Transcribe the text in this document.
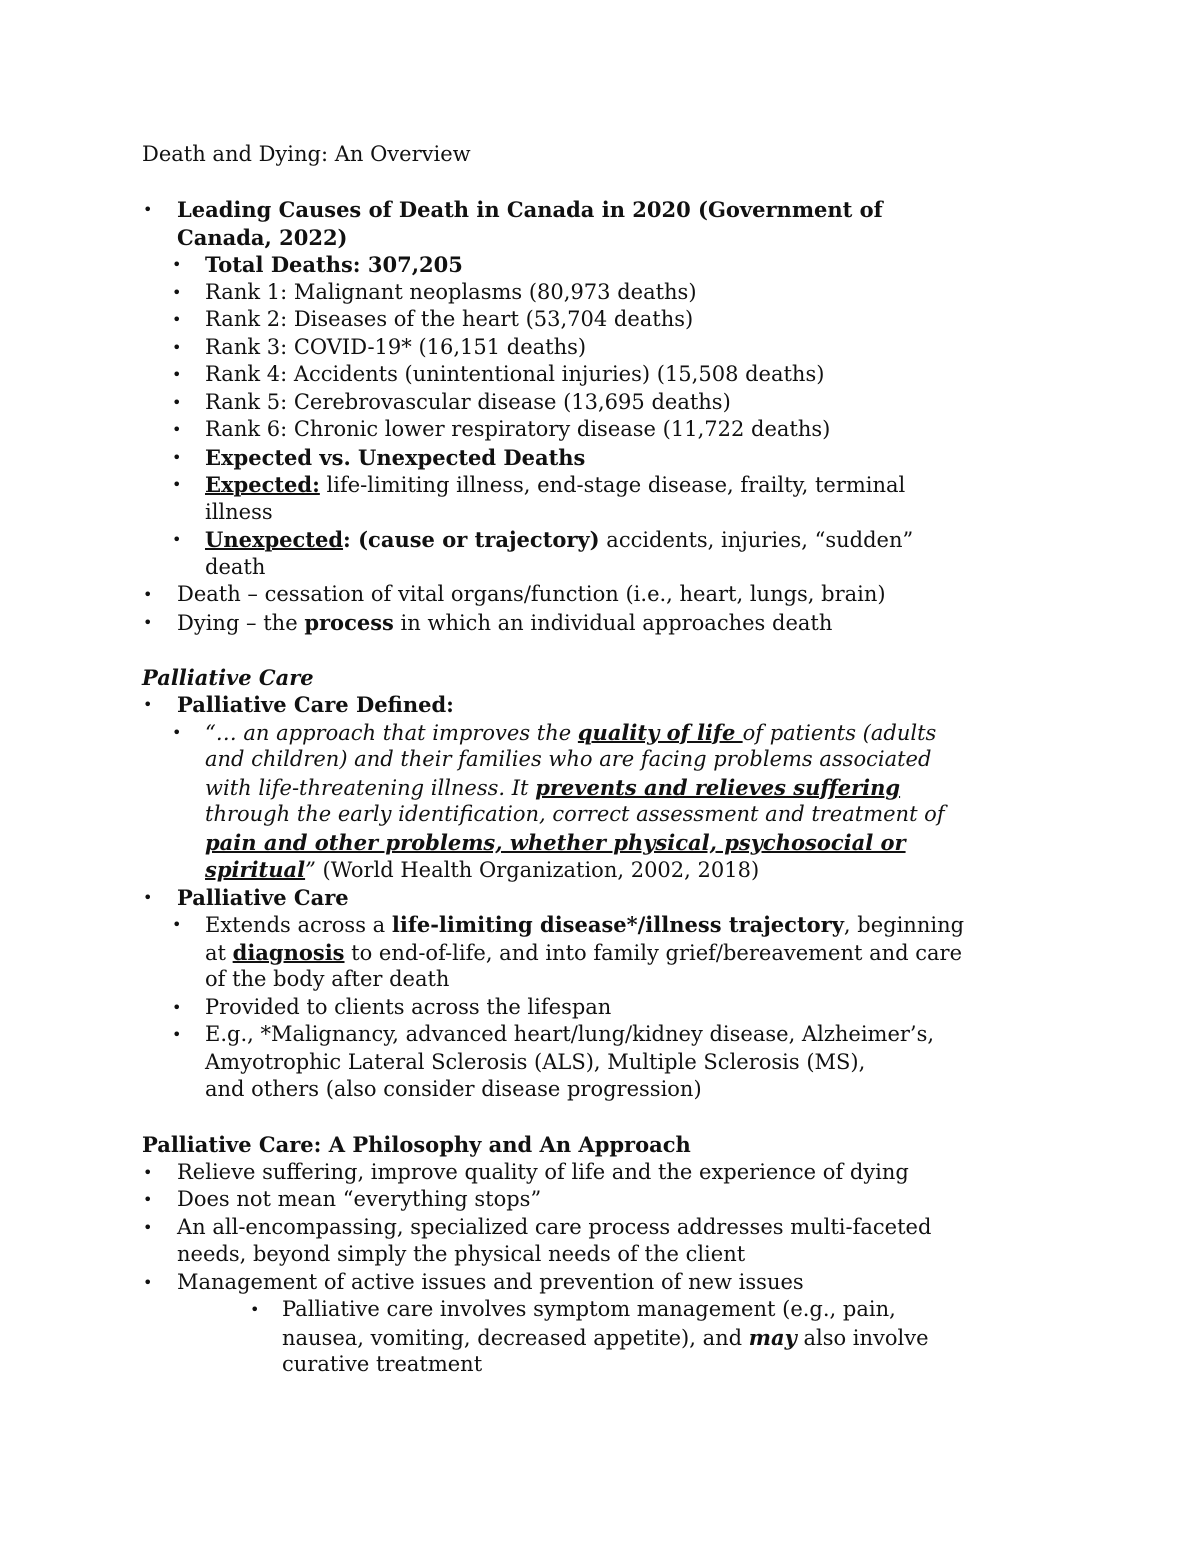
Death and Dying: An Overview
• Leading Causes of Death in Canada in 2020 (Government of
Canada, 2022)
• Total Deaths: 307,205
• Rank 1: Malignant neoplasms (80,973 deaths)
• Rank 2: Diseases of the heart (53,704 deaths)
• Rank 3: COVID-19* (16,151 deaths)
• Rank 4: Accidents (unintentional injuries) (15,508 deaths)
• Rank 5: Cerebrovascular disease (13,695 deaths)
• Rank 6: Chronic lower respiratory disease (11,722 deaths)
• Expected vs. Unexpected Deaths
• Expected: life-limiting illness, end-stage disease, frailty, terminal
illness
• Unexpected: (cause or trajectory) accidents, injuries, “sudden”
death
• Death – cessation of vital organs/function (i.e., heart, lungs, brain)
• Dying – the process in which an individual approaches death
Palliative Care
• Palliative Care Defined:
• “… an approach that improves the quality of life of patients (adults
and children) and their families who are facing problems associated
with life-threatening illness. It prevents and relieves suffering
through the early identification, correct assessment and treatment of
pain and other problems, whether physical, psychosocial or
spiritual” (World Health Organization, 2002, 2018)
• Palliative Care
• Extends across a life-limiting disease*/illness trajectory, beginning
at diagnosis to end-of-life, and into family grief/bereavement and care
of the body after death
• Provided to clients across the lifespan
• E.g., *Malignancy, advanced heart/lung/kidney disease, Alzheimer’s,
Amyotrophic Lateral Sclerosis (ALS), Multiple Sclerosis (MS),
and others (also consider disease progression)
Palliative Care: A Philosophy and An Approach
• Relieve suffering, improve quality of life and the experience of dying
• Does not mean “everything stops”
• An all-encompassing, specialized care process addresses multi-faceted
needs, beyond simply the physical needs of the client
• Management of active issues and prevention of new issues
• Palliative care involves symptom management (e.g., pain,
nausea, vomiting, decreased appetite), and may also involve
curative treatment
